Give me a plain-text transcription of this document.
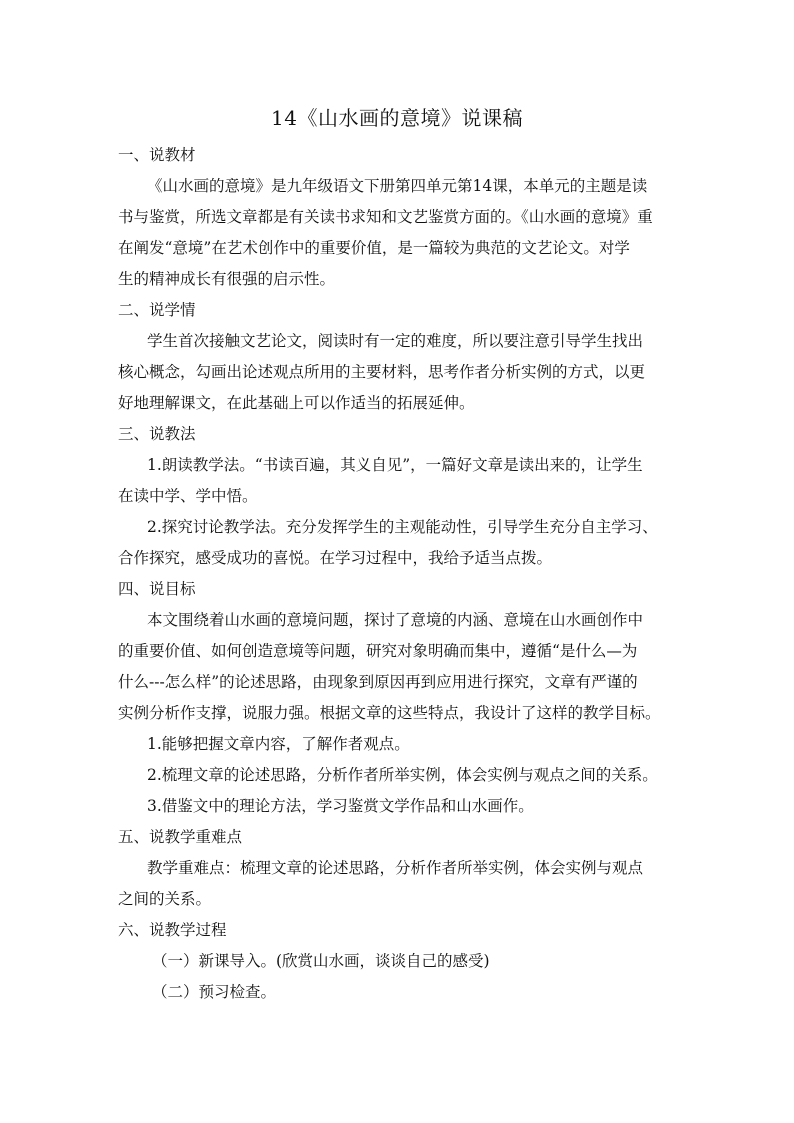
14《山水画的意境》说课稿
一、说教材
《山水画的意境》是九年级语文下册第四单元第14课，本单元的主题是读
书与鉴赏，所选文章都是有关读书求知和文艺鉴赏方面的。《山水画的意境》重
在阐发“意境”在艺术创作中的重要价值，是一篇较为典范的文艺论文。对学
生的精神成长有很强的启示性。
二、说学情
学生首次接触文艺论文，阅读时有一定的难度，所以要注意引导学生找出
核心概念，勾画出论述观点所用的主要材料，思考作者分析实例的方式，以更
好地理解课文，在此基础上可以作适当的拓展延伸。
三、说教法
1.朗读教学法。“书读百遍，其义自见”，一篇好文章是读出来的，让学生
在读中学、学中悟。
2.探究讨论教学法。充分发挥学生的主观能动性，引导学生充分自主学习、
合作探究，感受成功的喜悦。在学习过程中，我给予适当点拨。
四、说目标
本文围绕着山水画的意境问题，探讨了意境的内涵、意境在山水画创作中
的重要价值、如何创造意境等问题，研究对象明确而集中，遵循“是什么—为
什么---怎么样”的论述思路，由现象到原因再到应用进行探究，文章有严谨的
实例分析作支撑，说服力强。根据文章的这些特点，我设计了这样的教学目标。
1.能够把握文章内容，了解作者观点。
2.梳理文章的论述思路，分析作者所举实例，体会实例与观点之间的关系。
3.借鉴文中的理论方法，学习鉴赏文学作品和山水画作。
五、说教学重难点
教学重难点：梳理文章的论述思路，分析作者所举实例，体会实例与观点
之间的关系。
六、说教学过程
（一）新课导入。(欣赏山水画，谈谈自己的感受)
（二）预习检查。
